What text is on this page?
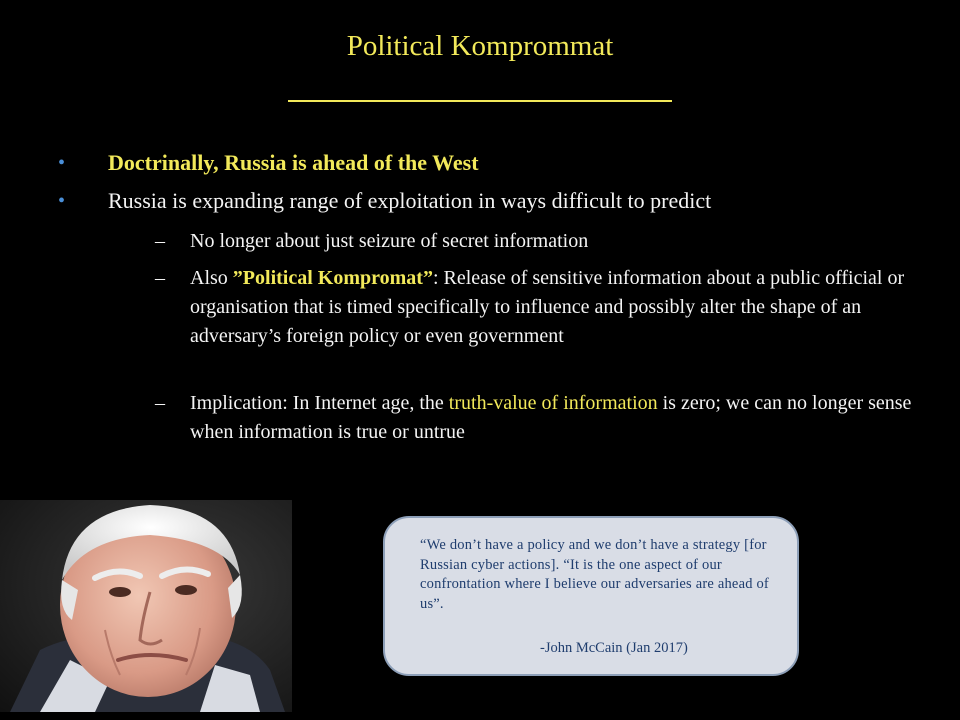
Political Komprommat
• Doctrinally, Russia is ahead of the West
• Russia is expanding range of exploitation in ways difficult to predict
– No longer about just seizure of secret information
– Also ”Political Kompromat”: Release of sensitive information about a public official or organisation that is timed specifically to influence and possibly alter the shape of an adversary’s foreign policy or even government
– Implication: In Internet age, the truth-value of information is zero; we can no longer sense when information is true or untrue
“We don’t have a policy and we don’t have a strategy [for Russian cyber actions]. “It is the one aspect of our confrontation where I believe our adversaries are ahead of us”.
-John McCain (Jan 2017)
